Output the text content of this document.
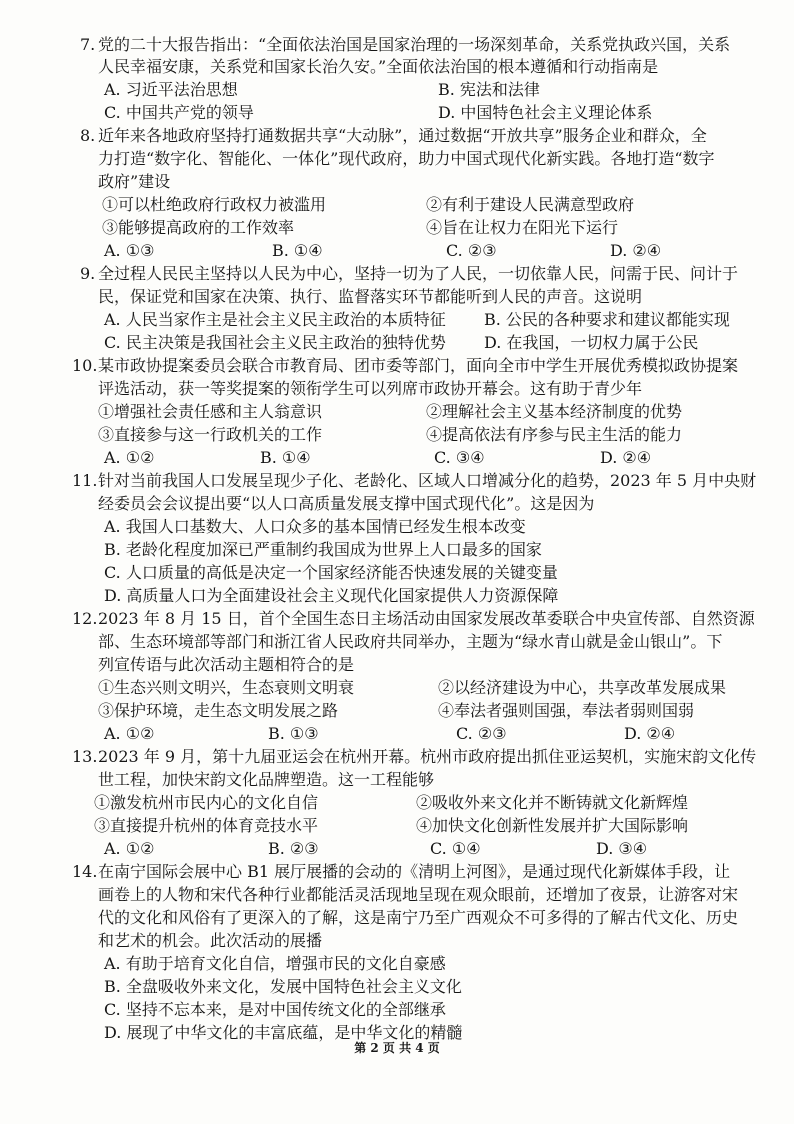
7. 党的二十大报告指出：“全面依法治国是国家治理的一场深刻革命，关系党执政兴国，关系
人民幸福安康，关系党和国家长治久安。”全面依法治国的根本遵循和行动指南是
A. 习近平法治思想	B. 宪法和法律
C. 中国共产党的领导	D. 中国特色社会主义理论体系
8. 近年来各地政府坚持打通数据共享“大动脉”，通过数据“开放共享”服务企业和群众，全
力打造“数字化、智能化、一体化”现代政府，助力中国式现代化新实践。各地打造“数字
政府”建设
①可以杜绝政府行政权力被滥用	②有利于建设人民满意型政府
③能够提高政府的工作效率	④旨在让权力在阳光下运行
A. ①③	B. ①④	C. ②③	D. ②④
9. 全过程人民民主坚持以人民为中心，坚持一切为了人民，一切依靠人民，问需于民、问计于
民，保证党和国家在决策、执行、监督落实环节都能听到人民的声音。这说明
A. 人民当家作主是社会主义民主政治的本质特征 B. 公民的各种要求和建议都能实现
C. 民主决策是我国社会主义民主政治的独特优势 D. 在我国，一切权力属于公民
10. 某市政协提案委员会联合市教育局、团市委等部门，面向全市中学生开展优秀模拟政协提案
评选活动，获一等奖提案的领衔学生可以列席市政协开幕会。这有助于青少年
①增强社会责任感和主人翁意识	②理解社会主义基本经济制度的优势
③直接参与这一行政机关的工作	④提高依法有序参与民主生活的能力
A. ①②	B. ①④	C. ③④	D. ②④
11. 针对当前我国人口发展呈现少子化、老龄化、区域人口增减分化的趋势，2023 年 5 月中央财
经委员会会议提出要“以人口高质量发展支撑中国式现代化”。这是因为
A. 我国人口基数大、人口众多的基本国情已经发生根本改变
B. 老龄化程度加深已严重制约我国成为世界上人口最多的国家
C. 人口质量的高低是决定一个国家经济能否快速发展的关键变量
D. 高质量人口为全面建设社会主义现代化国家提供人力资源保障
12. 2023 年 8 月 15 日，首个全国生态日主场活动由国家发展改革委联合中央宣传部、自然资源
部、生态环境部等部门和浙江省人民政府共同举办，主题为“绿水青山就是金山银山”。下
列宣传语与此次活动主题相符合的是
①生态兴则文明兴，生态衰则文明衰	②以经济建设为中心，共享改革发展成果
③保护环境，走生态文明发展之路	④奉法者强则国强，奉法者弱则国弱
A. ①②	B. ①③	C. ②③	D. ②④
13. 2023 年 9 月，第十九届亚运会在杭州开幕。杭州市政府提出抓住亚运契机，实施宋韵文化传
世工程，加快宋韵文化品牌塑造。这一工程能够
①激发杭州市民内心的文化自信	②吸收外来文化并不断铸就文化新辉煌
③直接提升杭州的体育竞技水平	④加快文化创新性发展并扩大国际影响
A. ①②	B. ②③	C. ①④	D. ③④
14. 在南宁国际会展中心 B1 展厅展播的会动的《清明上河图》，是通过现代化新媒体手段，让
画卷上的人物和宋代各种行业都能活灵活现地呈现在观众眼前，还增加了夜景，让游客对宋
代的文化和风俗有了更深入的了解，这是南宁乃至广西观众不可多得的了解古代文化、历史
和艺术的机会。此次活动的展播
A. 有助于培育文化自信，增强市民的文化自豪感
B. 全盘吸收外来文化，发展中国特色社会主义文化
C. 坚持不忘本来，是对中国传统文化的全部继承
D. 展现了中华文化的丰富底蕴，是中华文化的精髓
第 2 页 共 4 页
